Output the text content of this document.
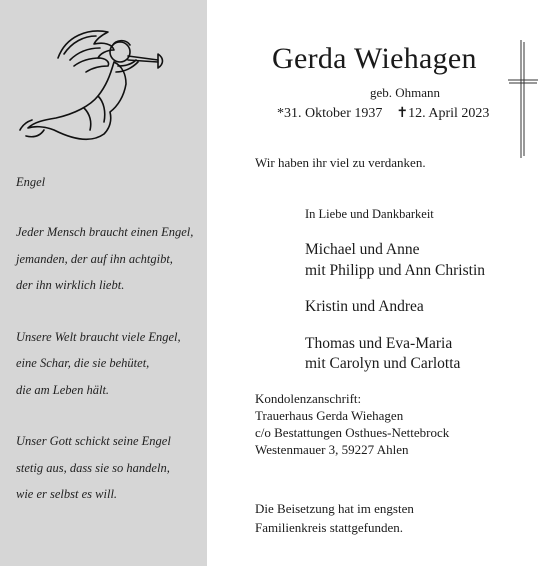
Engel
Jeder Mensch braucht einen Engel,
jemanden, der auf ihn achtgibt,
der ihn wirklich liebt.
Unsere Welt braucht viele Engel,
eine Schar, die sie behütet,
die am Leben hält.
Unser Gott schickt seine Engel
stetig aus, dass sie so handeln,
wie er selbst es will.
Gerda Wiehagen
geb. Ohmann
*31. Oktober 1937 ✝12. April 2023
Wir haben ihr viel zu verdanken.
In Liebe und Dankbarkeit
Michael und Anne
mit Philipp und Ann Christin
Kristin und Andrea
Thomas und Eva-Maria
mit Carolyn und Carlotta
Kondolenzanschrift:
Trauerhaus Gerda Wiehagen
c/o Bestattungen Osthues-Nettebrock
Westenmauer 3, 59227 Ahlen
Die Beisetzung hat im engsten
Familienkreis stattgefunden.
